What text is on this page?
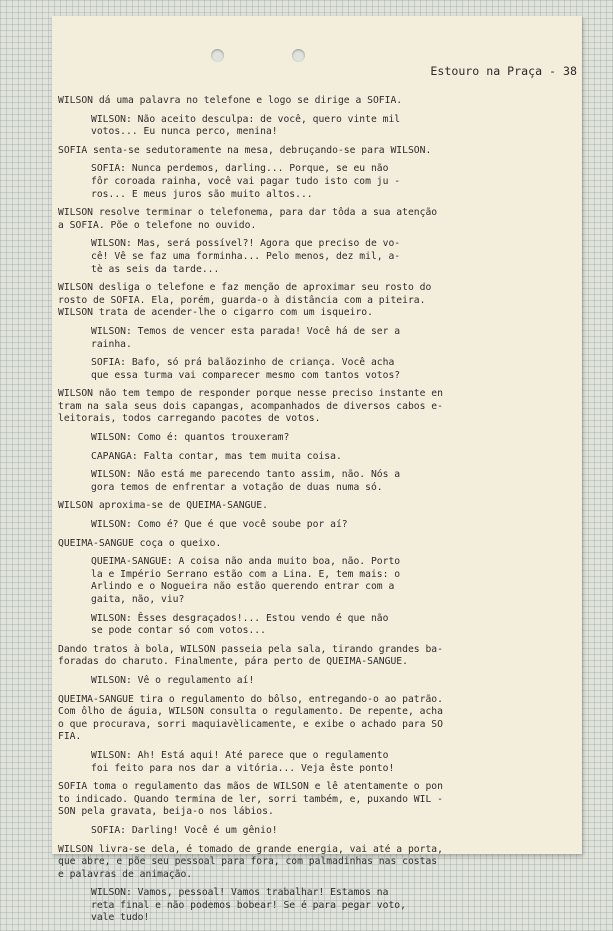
Estouro na Praça - 38
WILSON dá uma palavra no telefone e logo se dirige a SOFIA.
WILSON: Não aceito desculpa: de você, quero vinte mil
votos... Eu nunca perco, menina!
SOFIA senta-se sedutoramente na mesa, debruçando-se para WILSON.
SOFIA: Nunca perdemos, darling... Porque, se eu não
fôr coroada rainha, você vai pagar tudo isto com ju -
ros... E meus juros são muito altos...
WILSON resolve terminar o telefonema, para dar tôda a sua atenção
a SOFIA. Põe o telefone no ouvido.
WILSON: Mas, será possível?! Agora que preciso de vo-
cê! Vê se faz uma forminha... Pelo menos, dez mil, a-
tè as seis da tarde...
WILSON desliga o telefone e faz menção de aproximar seu rosto do
rosto de SOFIA. Ela, porém, guarda-o à distância com a piteira.
WILSON trata de acender-lhe o cigarro com um isqueiro.
WILSON: Temos de vencer esta parada! Você há de ser a
rainha.
SOFIA: Bafo, só prá balãozinho de criança. Você acha
que essa turma vai comparecer mesmo com tantos votos?
WILSON não tem tempo de responder porque nesse preciso instante en
tram na sala seus dois capangas, acompanhados de diversos cabos e-
leitorais, todos carregando pacotes de votos.
WILSON: Como é: quantos trouxeram?
CAPANGA: Falta contar, mas tem muita coisa.
WILSON: Não está me parecendo tanto assim, não. Nós a
gora temos de enfrentar a votação de duas numa só.
WILSON aproxima-se de QUEIMA-SANGUE.
WILSON: Como é? Que é que você soube por aí?
QUEIMA-SANGUE coça o queixo.
QUEIMA-SANGUE: A coisa não anda muito boa, não. Porto
la e Império Serrano estão com a Lina. E, tem mais: o
Arlindo e o Nogueira não estão querendo entrar com a
gaita, não, viu?
WILSON: Êsses desgraçados!... Estou vendo é que não
se pode contar só com votos...
Dando tratos à bola, WILSON passeia pela sala, tirando grandes ba-
foradas do charuto. Finalmente, pára perto de QUEIMA-SANGUE.
WILSON: Vê o regulamento aí!
QUEIMA-SANGUE tira o regulamento do bôlso, entregando-o ao patrão.
Com ôlho de águia, WILSON consulta o regulamento. De repente, acha
o que procurava, sorri maquiavèlicamente, e exibe o achado para SO
FIA.
WILSON: Ah! Está aqui! Até parece que o regulamento
foi feito para nos dar a vitória... Veja êste ponto!
SOFIA toma o regulamento das mãos de WILSON e lê atentamente o pon
to indicado. Quando termina de ler, sorri também, e, puxando WIL -
SON pela gravata, beija-o nos lábios.
SOFIA: Darling! Você é um gênio!
WILSON livra-se dela, é tomado de grande energia, vai até a porta,
que abre, e põe seu pessoal para fora, com palmadinhas nas costas
e palavras de animação.
WILSON: Vamos, pessoal! Vamos trabalhar! Estamos na
reta final e não podemos bobear! Se é para pegar voto,
vale tudo!
